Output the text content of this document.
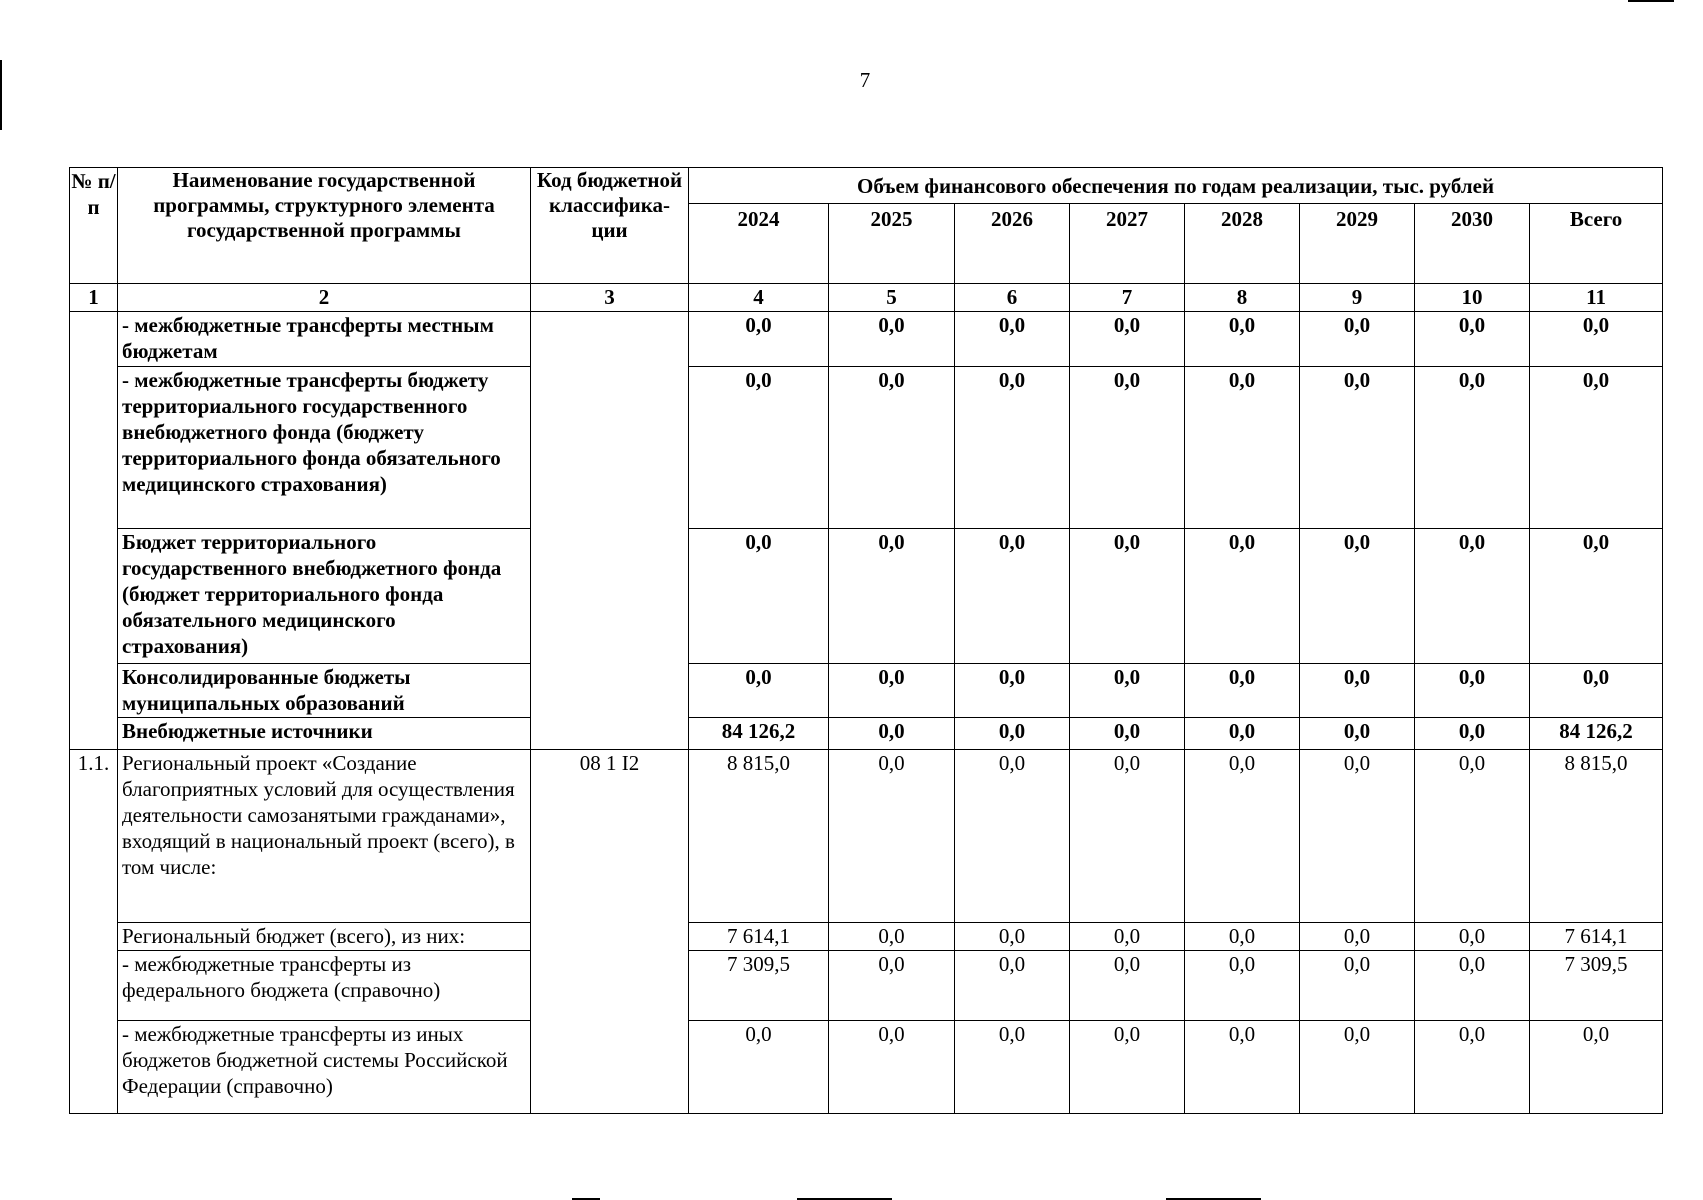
7
№ п/п	Наименование государственной программы, структурного элемента государственной программы	Код бюджетной классифика-ции	Объем финансового обеспечения по годам реализации, тыс. рублей							
			2024	2025	2026	2027	2028	2029	2030	Всего
1	2	3	4	5	6	7	8	9	10	11
	- межбюджетные трансферты местным бюджетам		0,0	0,0	0,0	0,0	0,0	0,0	0,0	0,0
	- межбюджетные трансферты бюджету территориального государственного внебюджетного фонда (бюджету территориального фонда обязательного медицинского страхования)		0,0	0,0	0,0	0,0	0,0	0,0	0,0	0,0
	Бюджет территориального государственного внебюджетного фонда (бюджет территориального фонда обязательного медицинского страхования)		0,0	0,0	0,0	0,0	0,0	0,0	0,0	0,0
	Консолидированные бюджеты муниципальных образований		0,0	0,0	0,0	0,0	0,0	0,0	0,0	0,0
	Внебюджетные источники		84 126,2	0,0	0,0	0,0	0,0	0,0	0,0	84 126,2
1.1.	Региональный проект «Создание благоприятных условий для осуществления деятельности самозанятыми гражданами», входящий в национальный проект (всего), в том числе:	08 1 I2	8 815,0	0,0	0,0	0,0	0,0	0,0	0,0	8 815,0
	Региональный бюджет (всего), из них:		7 614,1	0,0	0,0	0,0	0,0	0,0	0,0	7 614,1
	- межбюджетные трансферты из федерального бюджета (справочно)		7 309,5	0,0	0,0	0,0	0,0	0,0	0,0	7 309,5
	- межбюджетные трансферты из иных бюджетов бюджетной системы Российской Федерации (справочно)		0,0	0,0	0,0	0,0	0,0	0,0	0,0	0,0
